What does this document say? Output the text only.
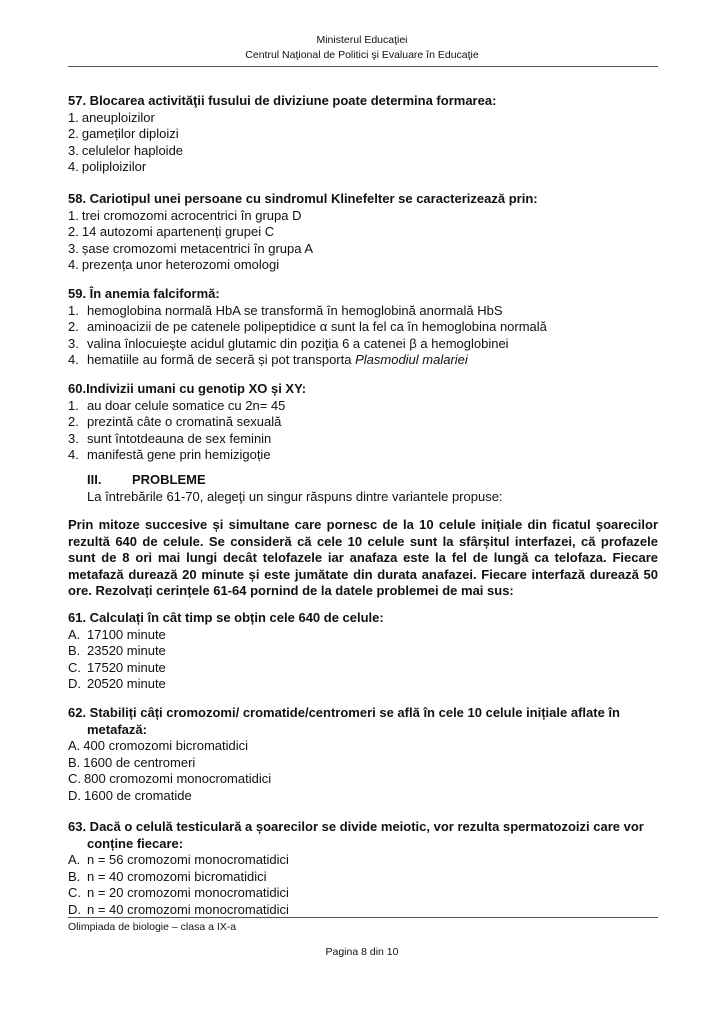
Ministerul Educaţiei
Centrul Naţional de Politici şi Evaluare în Educaţie
57. Blocarea activităţii fusului de diviziune poate determina formarea:
1. aneuploizilor
2. gameților diploizi
3. celulelor haploide
4. poliploizilor
58. Cariotipul unei persoane cu sindromul Klinefelter se caracterizează prin:
1. trei cromozomi acrocentrici în grupa D
2. 14 autozomi apartenenți grupei C
3. șase cromozomi metacentrici în grupa A
4. prezența unor heterozomi omologi
59. În anemia falciformă:
1. hemoglobina normală HbA se transformă în hemoglobină anormală HbS
2. aminoacizii de pe catenele polipeptidice α sunt la fel ca în hemoglobina normală
3. valina înlocuieşte acidul glutamic din poziţia 6 a catenei β a hemoglobinei
4. hematiile au formă de seceră și pot transporta Plasmodiul malariei
60.Indivizii umani cu genotip XO și XY:
1. au doar celule somatice cu 2n= 45
2. prezintă câte o cromatină sexuală
3. sunt întotdeauna de sex feminin
4. manifestă gene prin hemizigoție
III. PROBLEME
La întrebările 61-70, alegeţi un singur răspuns dintre variantele propuse:
Prin mitoze succesive și simultane care pornesc de la 10 celule inițiale din ficatul șoarecilor rezultă 640 de celule. Se consideră că cele 10 celule sunt la sfârșitul interfazei, că profazele sunt de 8 ori mai lungi decât telofazele iar anafaza este la fel de lungă ca telofaza. Fiecare metafază durează 20 minute și este jumătate din durata anafazei. Fiecare interfază durează 50 ore. Rezolvați cerințele 61-64 pornind de la datele problemei de mai sus:
61. Calculați în cât timp se obțin cele 640 de celule:
A. 17100 minute
B. 23520 minute
C. 17520 minute
D. 20520 minute
62. Stabiliți câți cromozomi/ cromatide/centromeri se află în cele 10 celule inițiale aflate în metafază:
A. 400 cromozomi bicromatidici
B. 1600 de centromeri
C. 800 cromozomi monocromatidici
D. 1600 de cromatide
63. Dacă o celulă testiculară a șoarecilor se divide meiotic, vor rezulta spermatozoizi care vor conține fiecare:
A. n = 56 cromozomi monocromatidici
B. n = 40 cromozomi bicromatidici
C. n = 20 cromozomi monocromatidici
D. n = 40 cromozomi monocromatidici
Olimpiada de biologie – clasa a IX-a
Pagina 8 din 10
